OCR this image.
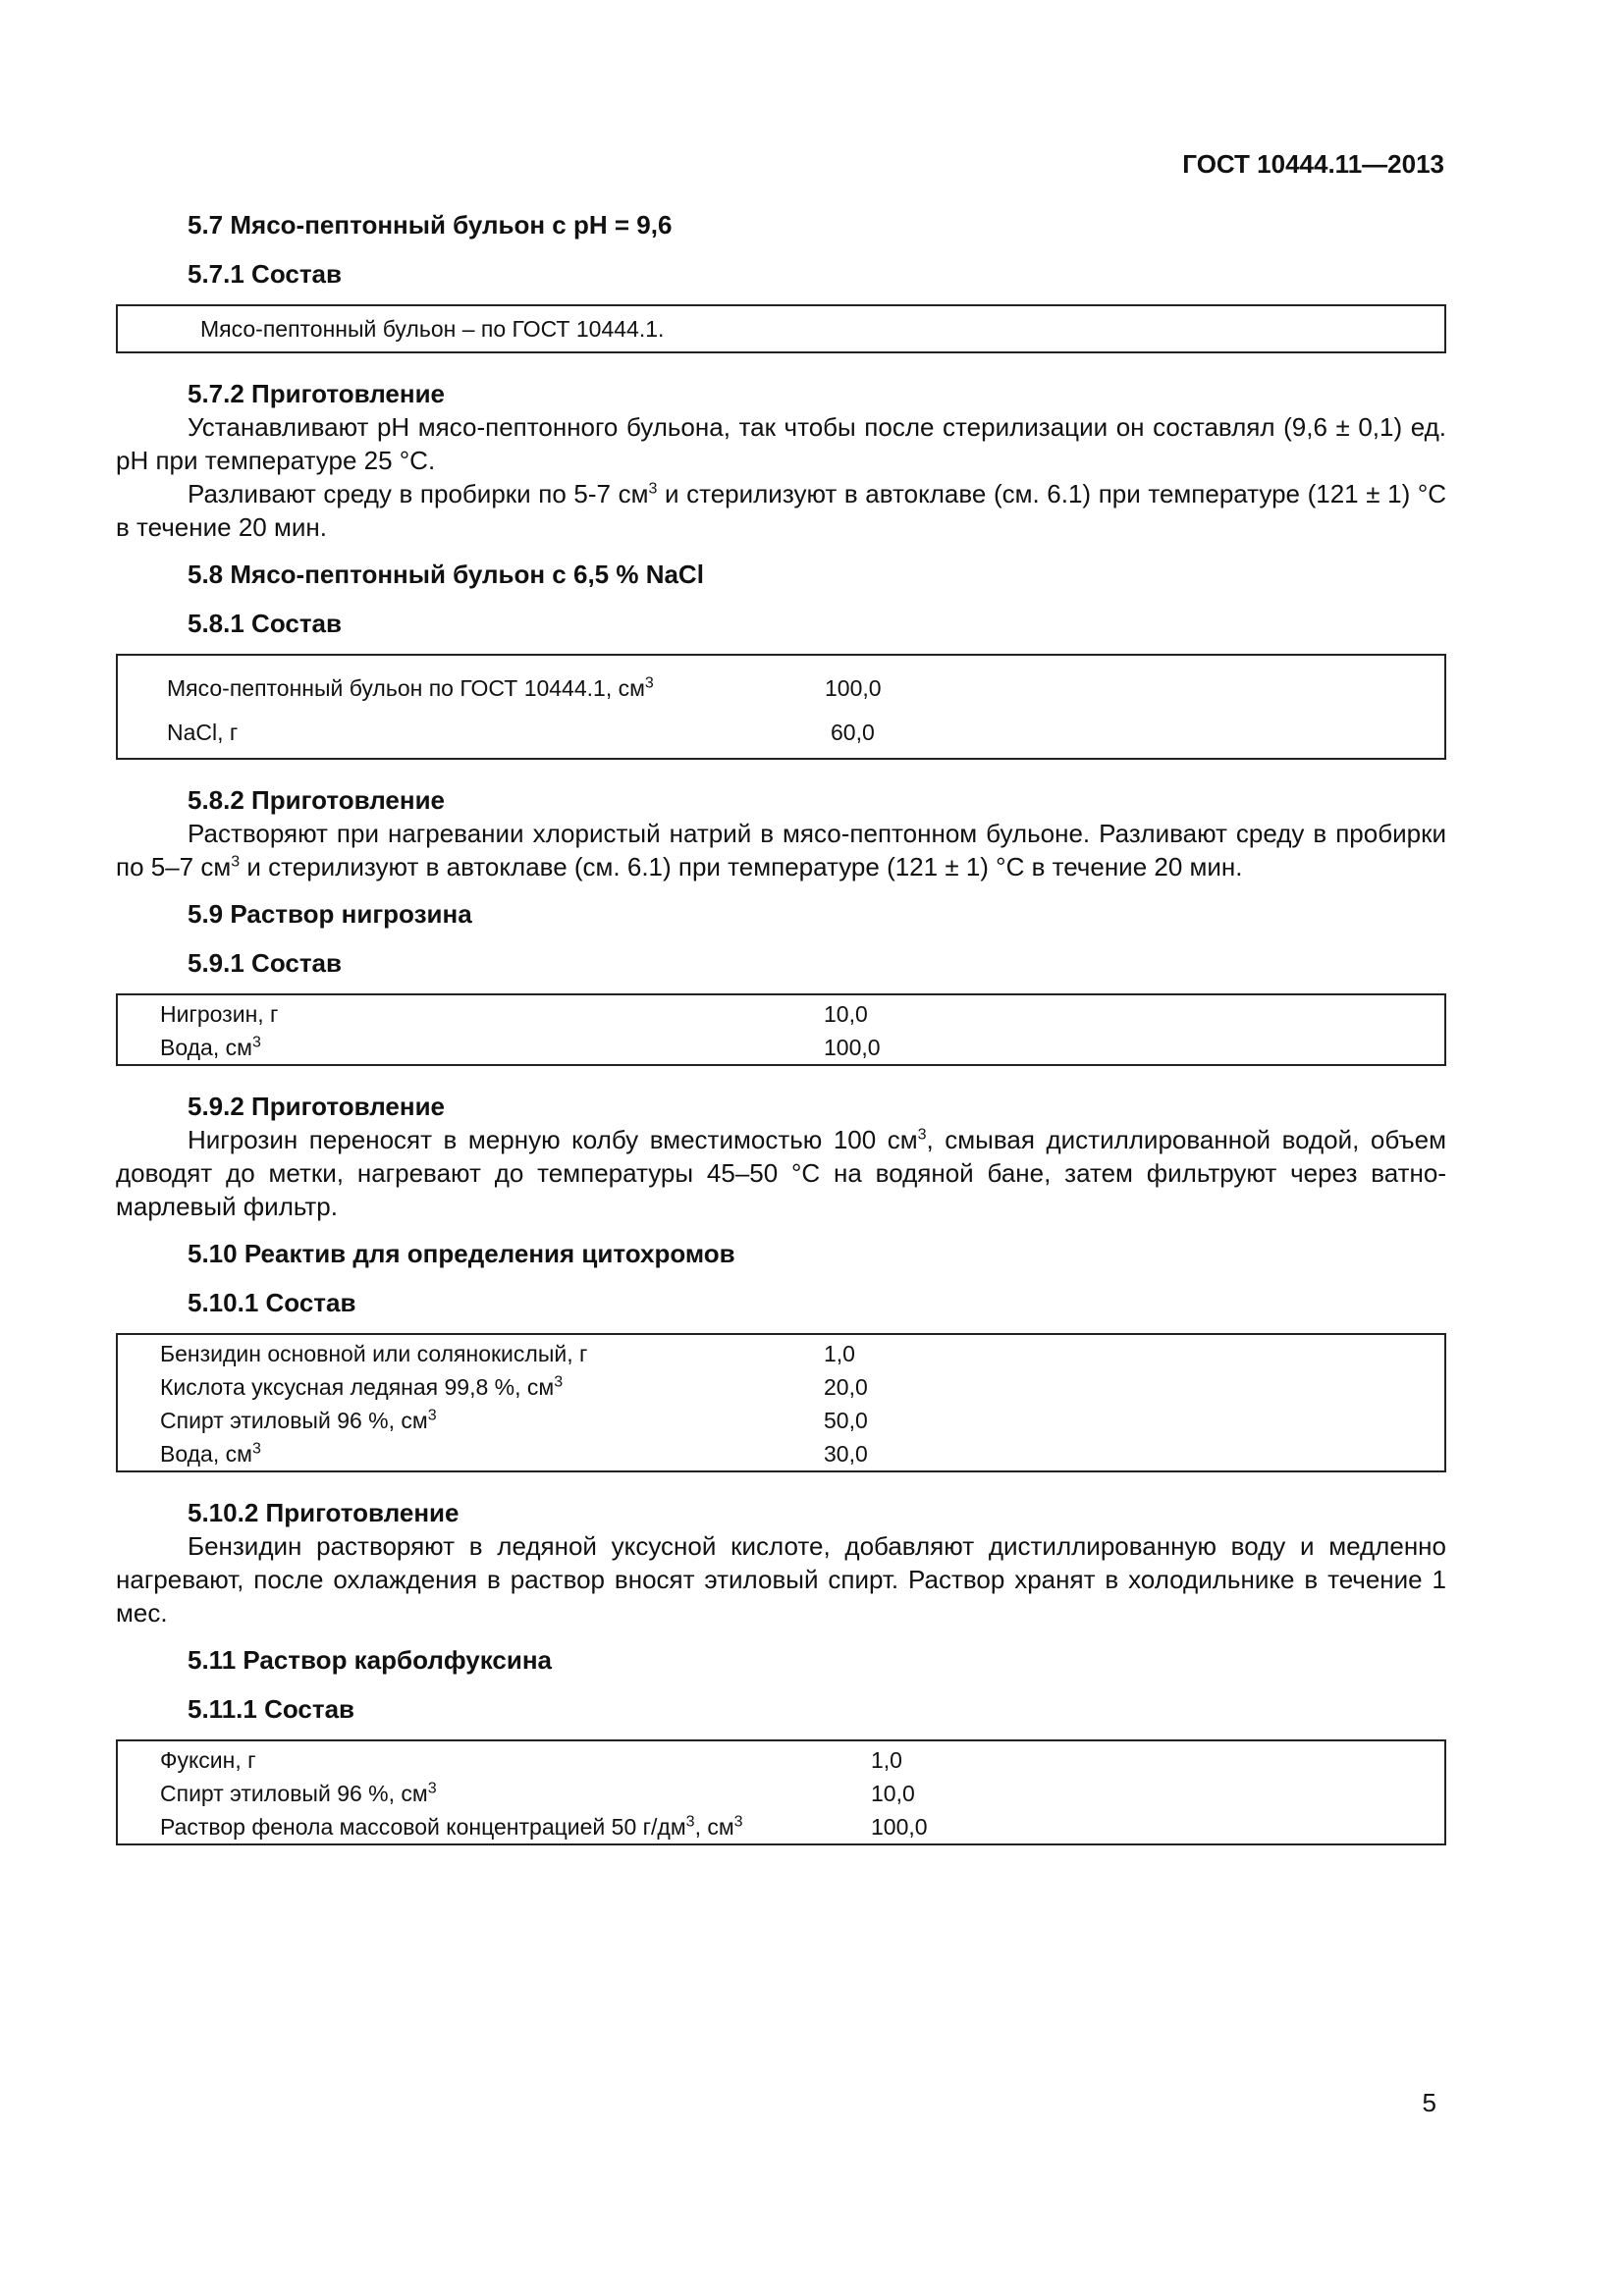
ГОСТ 10444.11—2013
5.7 Мясо-пептонный бульон с pH = 9,6
5.7.1 Состав
Мясо-пептонный бульон – по ГОСТ 10444.1.
5.7.2 Приготовление

Устанавливают pH мясо-пептонного бульона, так чтобы после стерилизации он составлял (9,6 ± 0,1) ед. pH при температуре 25 °С.

Разливают среду в пробирки по 5-7 $см^3$ и стерилизуют в автоклаве (см. 6.1) при температуре (121 ± 1) °С в течение 20 мин.

5.8 Мясо-пептонный бульон с 6,5 % NaCl
5.8.1 Состав
Мясо-пептонный бульон по ГОСТ 10444.1, $см^3$	100,0
NaCl, г	60,0
5.8.2 Приготовление

Растворяют при нагревании хлористый натрий в мясо-пептонном бульоне. Разливают среду в пробирки по 5–7 $см^3$ и стерилизуют в автоклаве (см. 6.1) при температуре (121 ± 1) °С в течение 20 мин.

5.9 Раствор нигрозина
5.9.1 Состав
Нигрозин, г	10,0
Вода, $см^3$	100,0
5.9.2 Приготовление

Нигрозин переносят в мерную колбу вместимостью 100 $см^3$, смывая дистиллированной водой, объем доводят до метки, нагревают до температуры 45–50 °С на водяной бане, затем фильтруют через ватно-марлевый фильтр.

5.10 Реактив для определения цитохромов
5.10.1 Состав
Бензидин основной или солянокислый, г	1,0
Кислота уксусная ледяная 99,8 %, $см^3$	20,0
Спирт этиловый 96 %, $см^3$	50,0
Вода, $см^3$	30,0
5.10.2 Приготовление

Бензидин растворяют в ледяной уксусной кислоте, добавляют дистиллированную воду и медленно нагревают, после охлаждения в раствор вносят этиловый спирт. Раствор хранят в холодильнике в течение 1 мес.

5.11 Раствор карболфуксина
5.11.1 Состав
Фуксин, г	1,0
Спирт этиловый 96 %, $см^3$	10,0
Раствор фенола массовой концентрацией 50 $г/дм^3$, $см^3$	100,0
5
